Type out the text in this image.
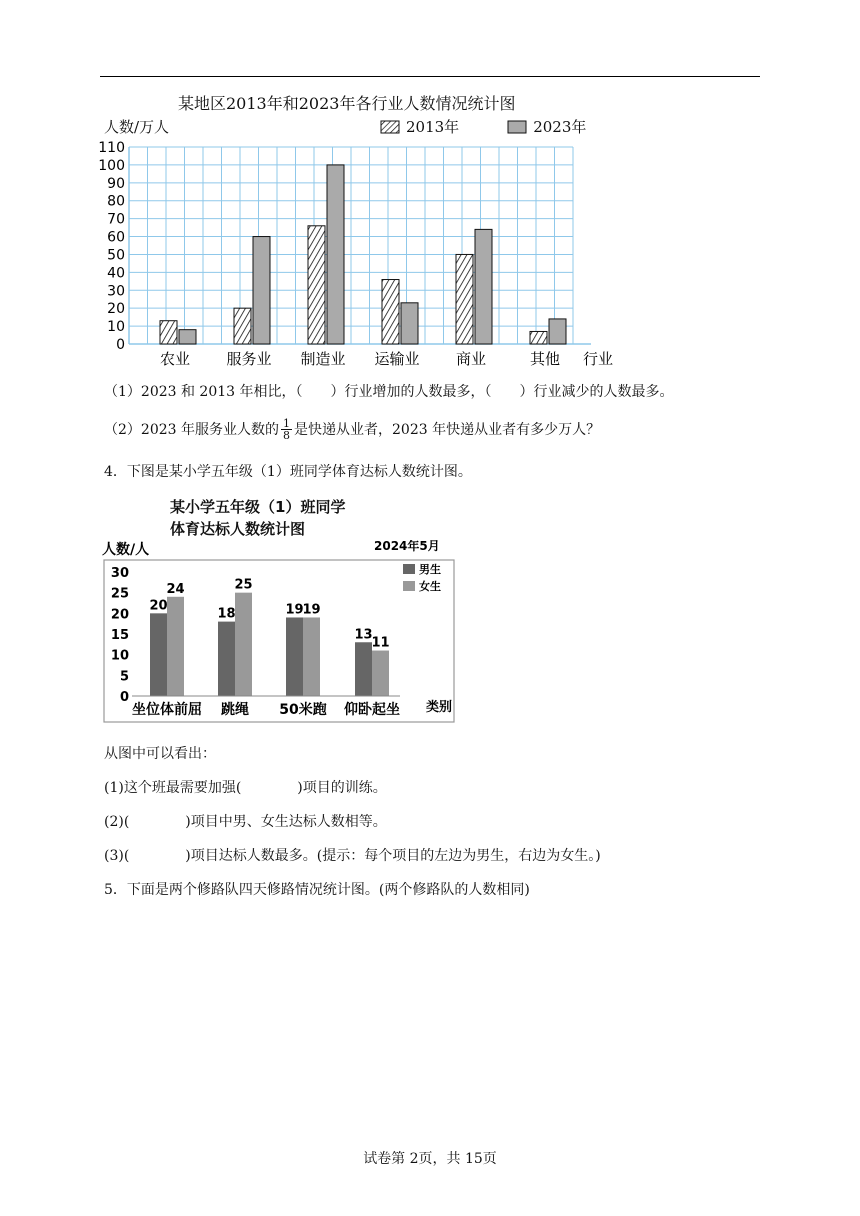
某地区2013年和2023年各行业人数情况统计图
人数/万人	2013年	2023年
0
10
20
30
40
50
60
70
80
90
100
110
农业 服务业 制造业 运输业 商业	其他 行业
（1）2023 和 2013 年相比，（　　）行业增加的人数最多，（　　）行业减少的人数最多。
（2）2023 年服务业人数的 $\frac{1}{8}$ 是快递从业者，2023 年快递从业者有多少万人？
4．下图是某小学五年级（1）班同学体育达标人数统计图。
某小学五年级（1）班同学
体育达标人数统计图
人数/人	2024年5月
男生
女生
0
5
10
15
20
25
30
20
24
18
25
19
19
13
11
坐位体前屈 跳绳 50米跑 仰卧起坐 类别
从图中可以看出：
(1)这个班最需要加强(　　　　)项目的训练。
(2)(　　　　)项目中男、女生达标人数相等。
(3)(　　　　)项目达标人数最多。(提示：每个项目的左边为男生，右边为女生。)
5．下面是两个修路队四天修路情况统计图。(两个修路队的人数相同)
试卷第 2页，共 15页
